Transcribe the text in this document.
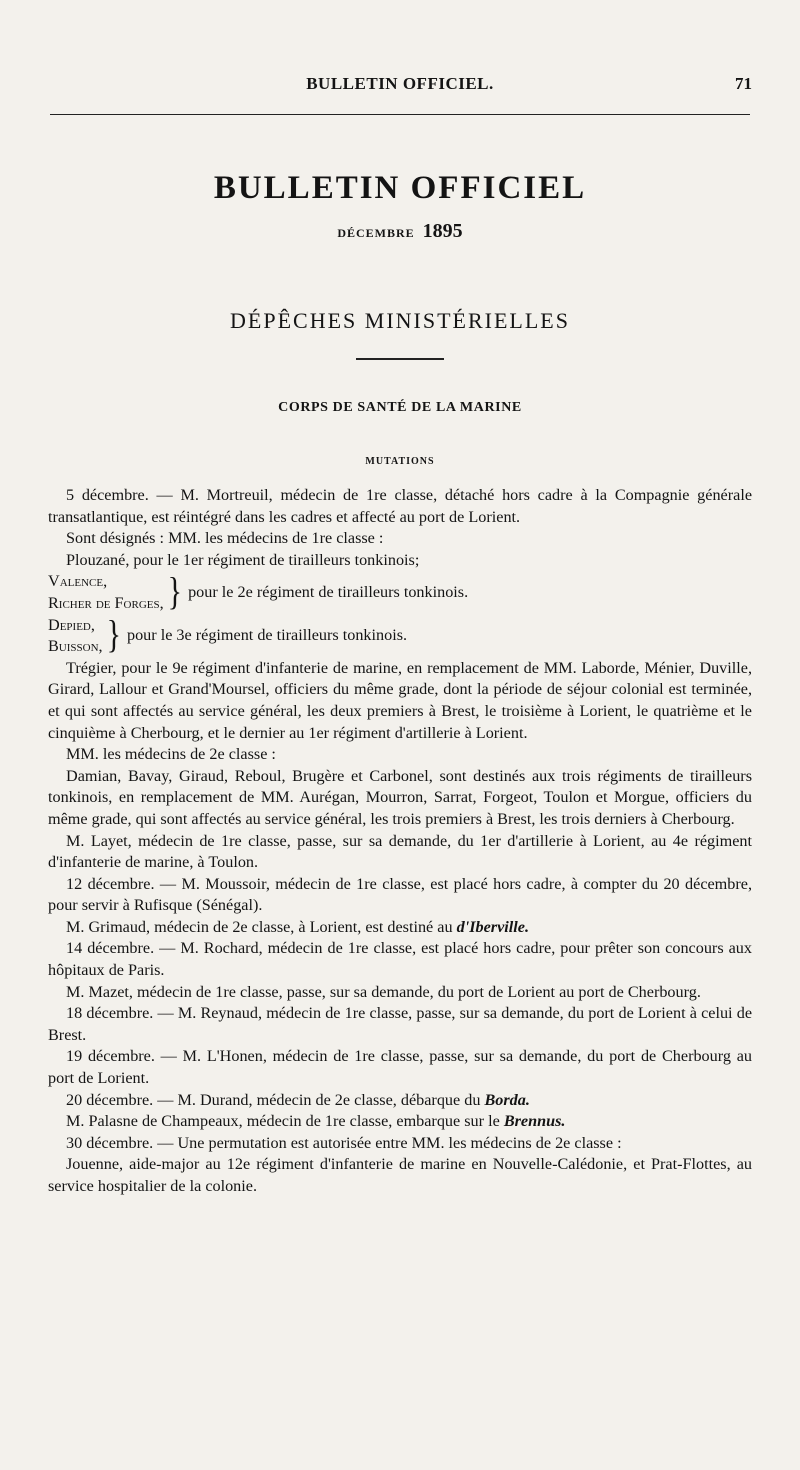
BULLETIN OFFICIEL.	71
BULLETIN OFFICIEL
DÉCEMBRE 1895
DÉPÊCHES MINISTÉRIELLES
CORPS DE SANTÉ DE LA MARINE
MUTATIONS

5 décembre. — M. Mortreuil, médecin de 1re classe, détaché hors cadre à la Compagnie générale transatlantique, est réintégré dans les cadres et affecté au port de Lorient.

Sont désignés : MM. les médecins de 1re classe :

Plouzané, pour le 1er régiment de tirailleurs tonkinois;

Valence,
Richer de Forges, } pour le 2e régiment de tirailleurs tonkinois.
Depied,
Buisson, } pour le 3e régiment de tirailleurs tonkinois.

Trégier, pour le 9e régiment d'infanterie de marine, en remplacement de MM. Laborde, Ménier, Duville, Girard, Lallour et Grand'Moursel, officiers du même grade, dont la période de séjour colonial est terminée, et qui sont affectés au service général, les deux premiers à Brest, le troisième à Lorient, le quatrième et le cinquième à Cherbourg, et le dernier au 1er régiment d'artillerie à Lorient.

MM. les médecins de 2e classe :

Damian, Bavay, Giraud, Reboul, Brugère et Carbonel, sont destinés aux trois régiments de tirailleurs tonkinois, en remplacement de MM. Aurégan, Mourron, Sarrat, Forgeot, Toulon et Morgue, officiers du même grade, qui sont affectés au service général, les trois premiers à Brest, les trois derniers à Cherbourg.

M. Layet, médecin de 1re classe, passe, sur sa demande, du 1er d'artillerie à Lorient, au 4e régiment d'infanterie de marine, à Toulon.

12 décembre. — M. Moussoir, médecin de 1re classe, est placé hors cadre, à compter du 20 décembre, pour servir à Rufisque (Sénégal).

M. Grimaud, médecin de 2e classe, à Lorient, est destiné au d'Iberville.

14 décembre. — M. Rochard, médecin de 1re classe, est placé hors cadre, pour prêter son concours aux hôpitaux de Paris.

M. Mazet, médecin de 1re classe, passe, sur sa demande, du port de Lorient au port de Cherbourg.

18 décembre. — M. Reynaud, médecin de 1re classe, passe, sur sa demande, du port de Lorient à celui de Brest.

19 décembre. — M. L'Honen, médecin de 1re classe, passe, sur sa demande, du port de Cherbourg au port de Lorient.

20 décembre. — M. Durand, médecin de 2e classe, débarque du Borda.

M. Palasne de Champeaux, médecin de 1re classe, embarque sur le Brennus.

30 décembre. — Une permutation est autorisée entre MM. les médecins de 2e classe :

Jouenne, aide-major au 12e régiment d'infanterie de marine en Nouvelle-Calédonie, et Prat-Flottes, au service hospitalier de la colonie.
